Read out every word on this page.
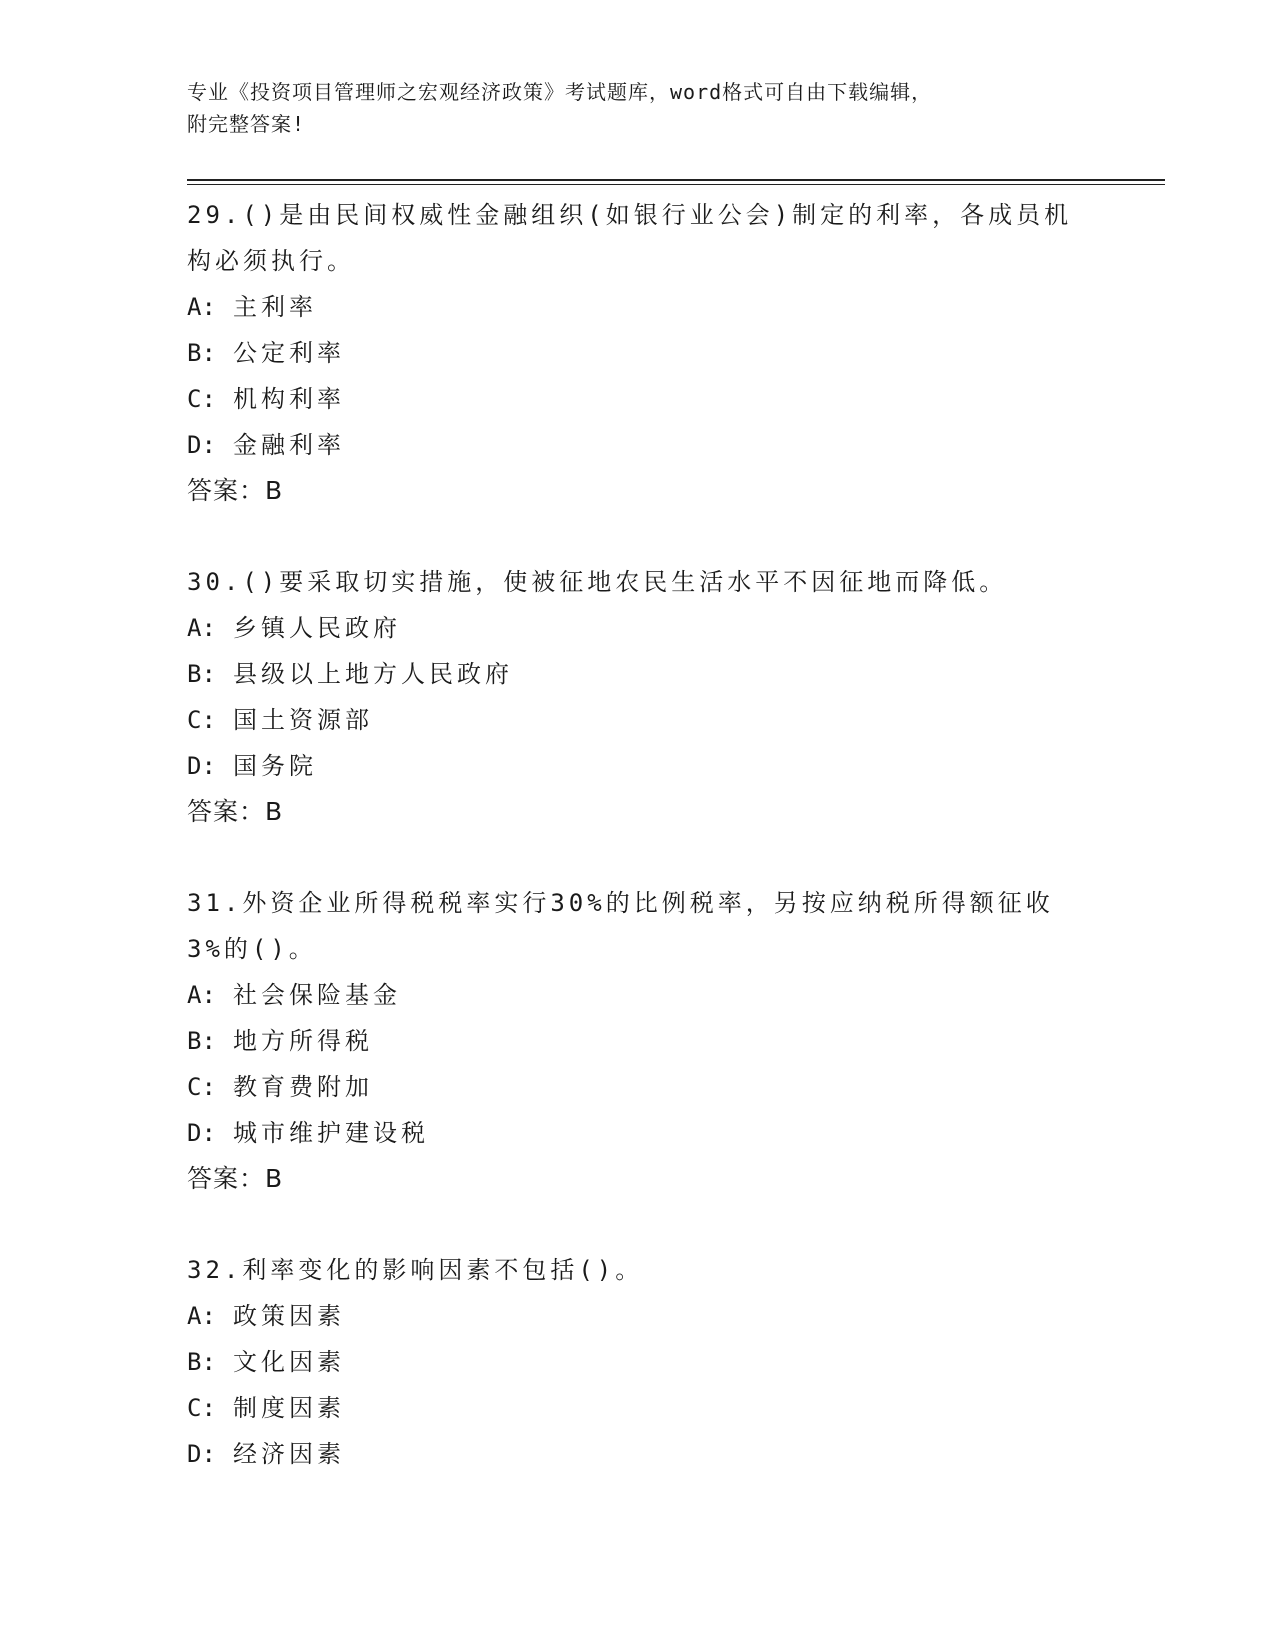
专业《投资项目管理师之宏观经济政策》考试题库，word格式可自由下载编辑，
附完整答案!
29.()是由民间权威性金融组织(如银行业公会)制定的利率，各成员机
构必须执行。
A: 主利率
B: 公定利率
C: 机构利率
D: 金融利率
答案：B
30.()要采取切实措施，使被征地农民生活水平不因征地而降低。
A: 乡镇人民政府
B: 县级以上地方人民政府
C: 国土资源部
D: 国务院
答案：B
31.外资企业所得税税率实行30%的比例税率，另按应纳税所得额征收
3%的()。
A: 社会保险基金
B: 地方所得税
C: 教育费附加
D: 城市维护建设税
答案：B
32.利率变化的影响因素不包括()。
A: 政策因素
B: 文化因素
C: 制度因素
D: 经济因素
